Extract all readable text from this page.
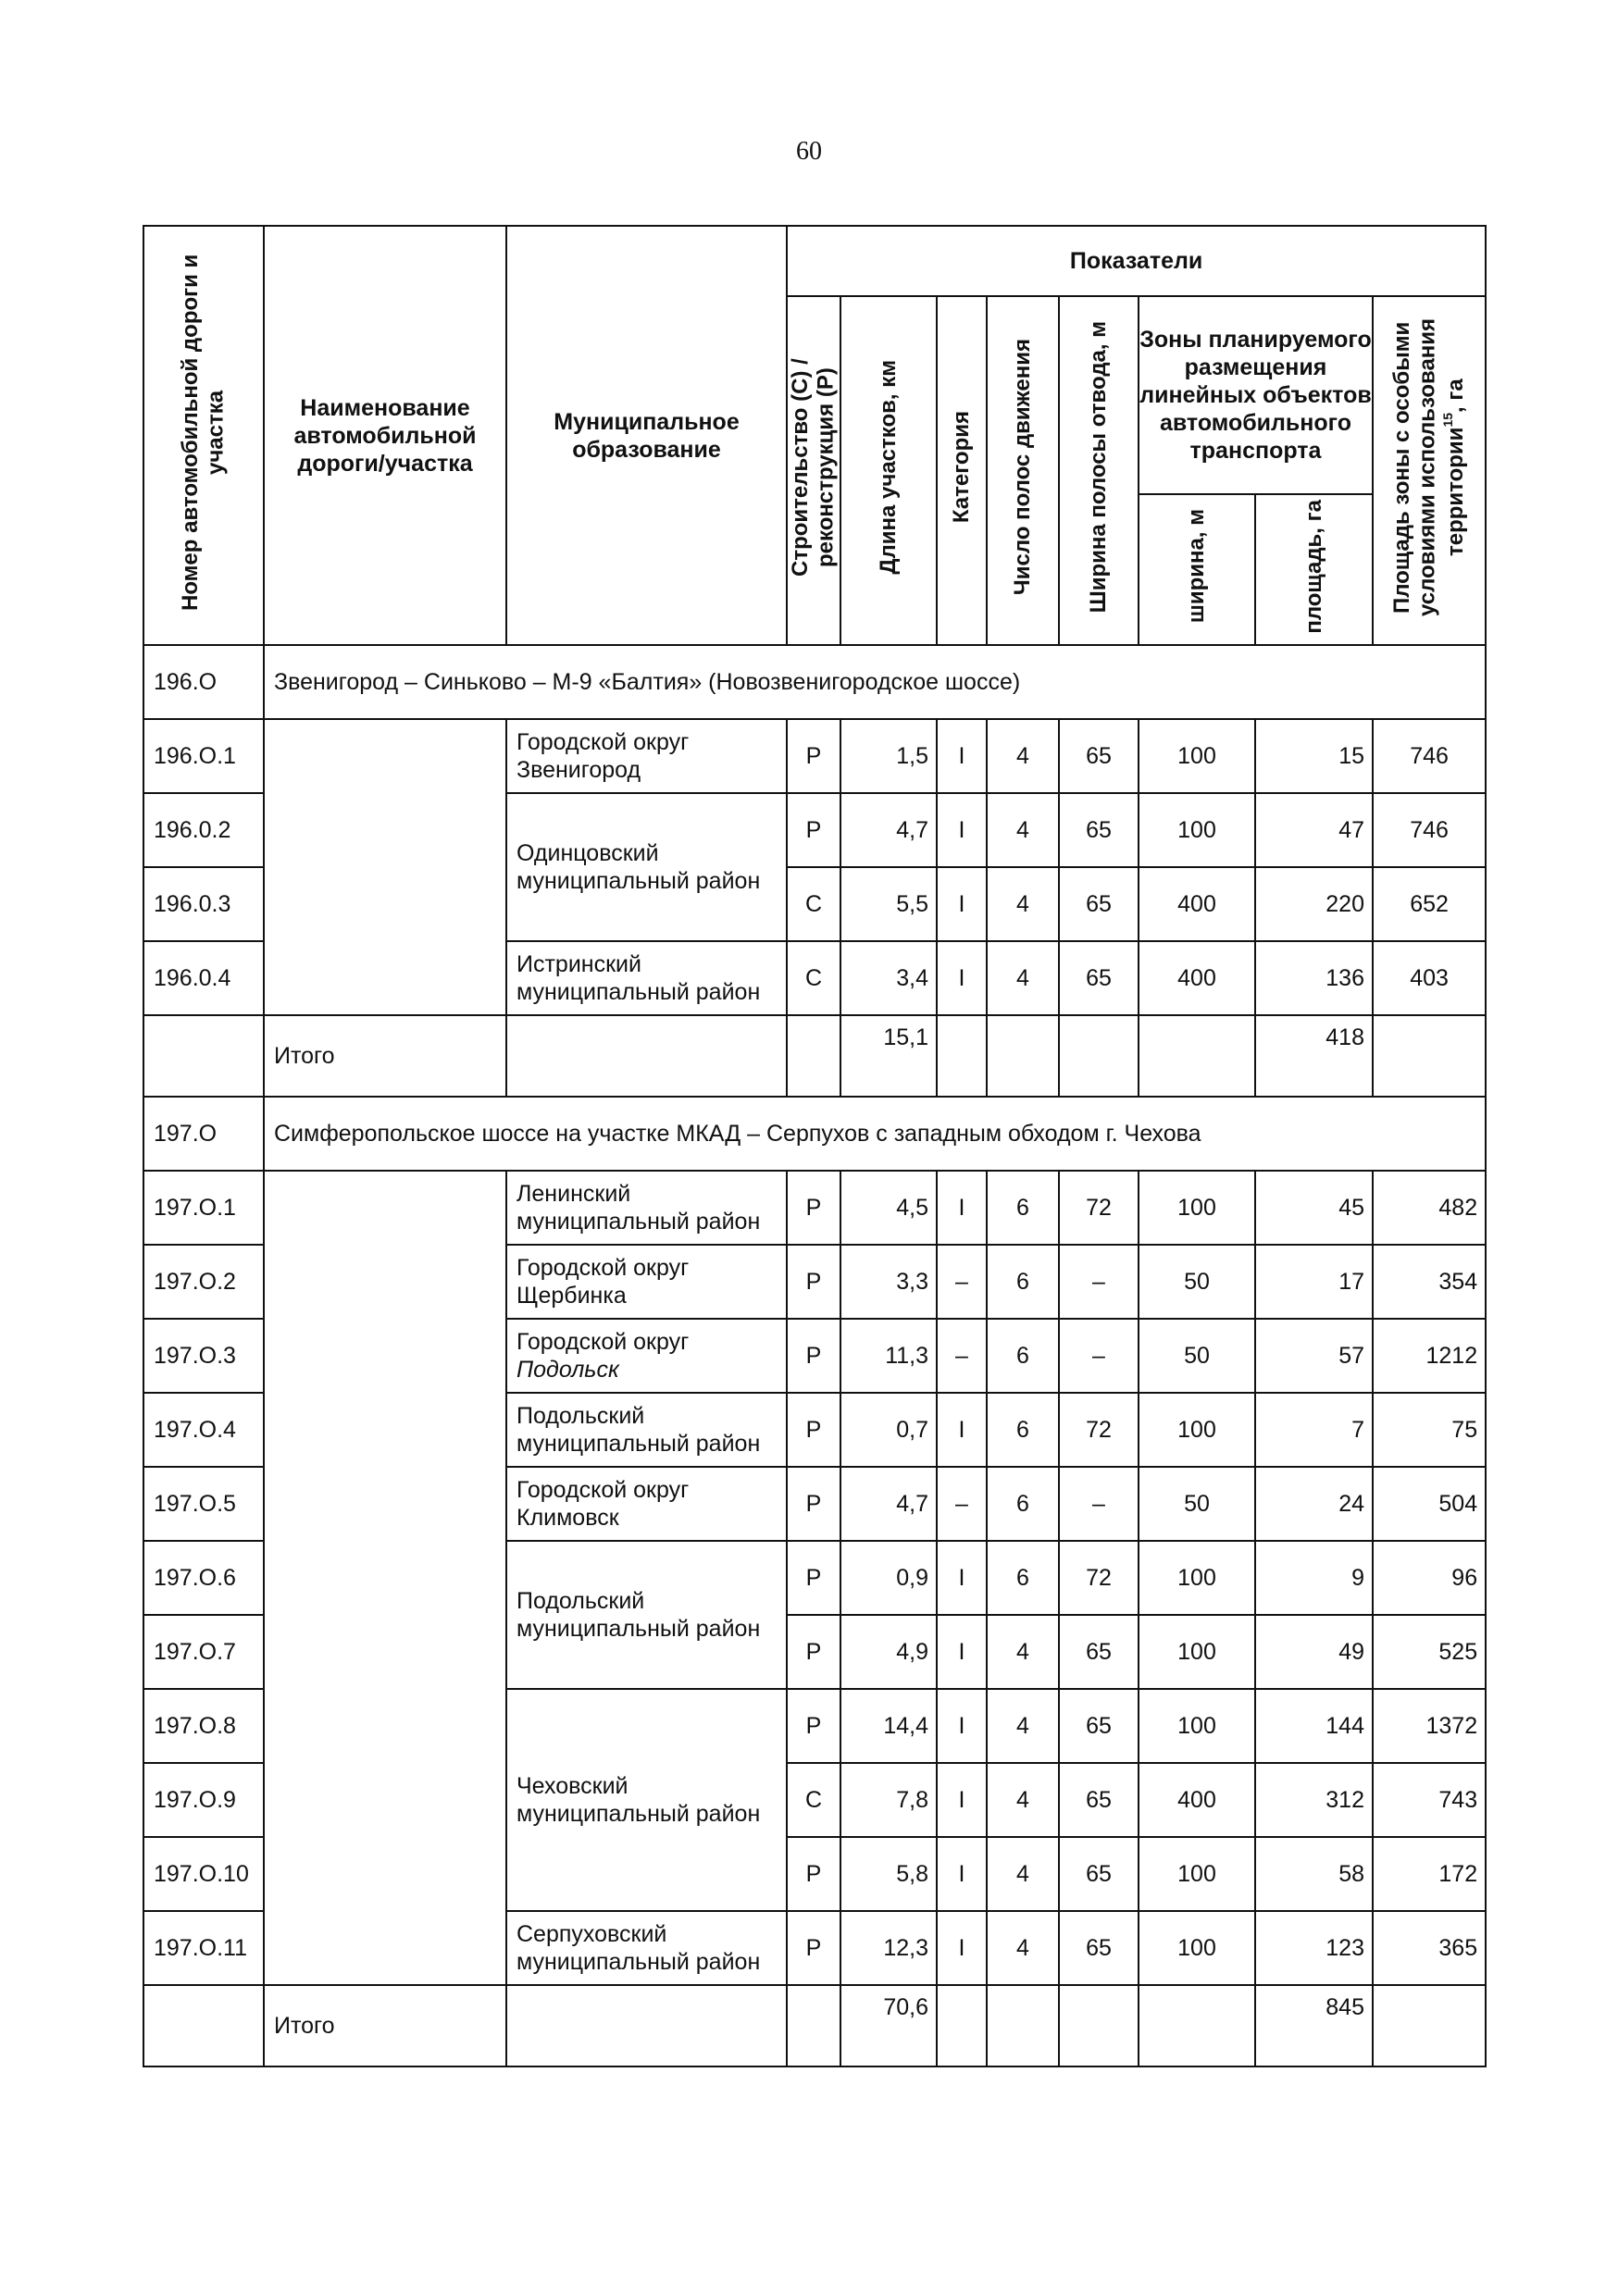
60
Номер автомобильной дороги и участка	Наименование автомобильной дороги/участка	Муниципальное образование	Показатели							
			Строительство (С) / реконструкция (Р)	Длина участков, км	Категория	Число полос движения	Ширина полосы отвода, м	Зоны планируемого размещения линейных объектов автомобильного транспорта		Площадь зоны с особыми условиями использования территории$^{15}$, га
								ширина, м	площадь, га	
196.О	Звенигород – Синьково – М-9 «Балтия» (Новозвенигородское шоссе)									
196.О.1		Городской округ Звенигород	Р	1,5	I	4	65	100	15	746
196.0.2		Одинцовский муниципальный район	Р	4,7	I	4	65	100	47	746
196.0.3			С	5,5	I	4	65	400	220	652
196.0.4		Истринский муниципальный район	С	3,4	I	4	65	400	136	403
	Итого			15,1					418	
197.О	Симферопольское шоссе на участке МКАД – Серпухов с западным обходом г. Чехова									
197.О.1		Ленинский муниципальный район	Р	4,5	I	6	72	100	45	482
197.О.2		Городской округ Щербинка	Р	3,3	–	6	–	50	17	354
197.О.3		Городской округ Подольск	Р	11,3	–	6	–	50	57	1212
197.О.4		Подольский муниципальный район	Р	0,7	I	6	72	100	7	75
197.О.5		Городской округ Климовск	Р	4,7	–	6	–	50	24	504
197.О.6		Подольский муниципальный район	Р	0,9	I	6	72	100	9	96
197.О.7			Р	4,9	I	4	65	100	49	525
197.О.8		Чеховский муниципальный район	Р	14,4	I	4	65	100	144	1372
197.О.9			С	7,8	I	4	65	400	312	743
197.О.10			Р	5,8	I	4	65	100	58	172
197.О.11		Серпуховский муниципальный район	Р	12,3	I	4	65	100	123	365
	Итого			70,6					845	
